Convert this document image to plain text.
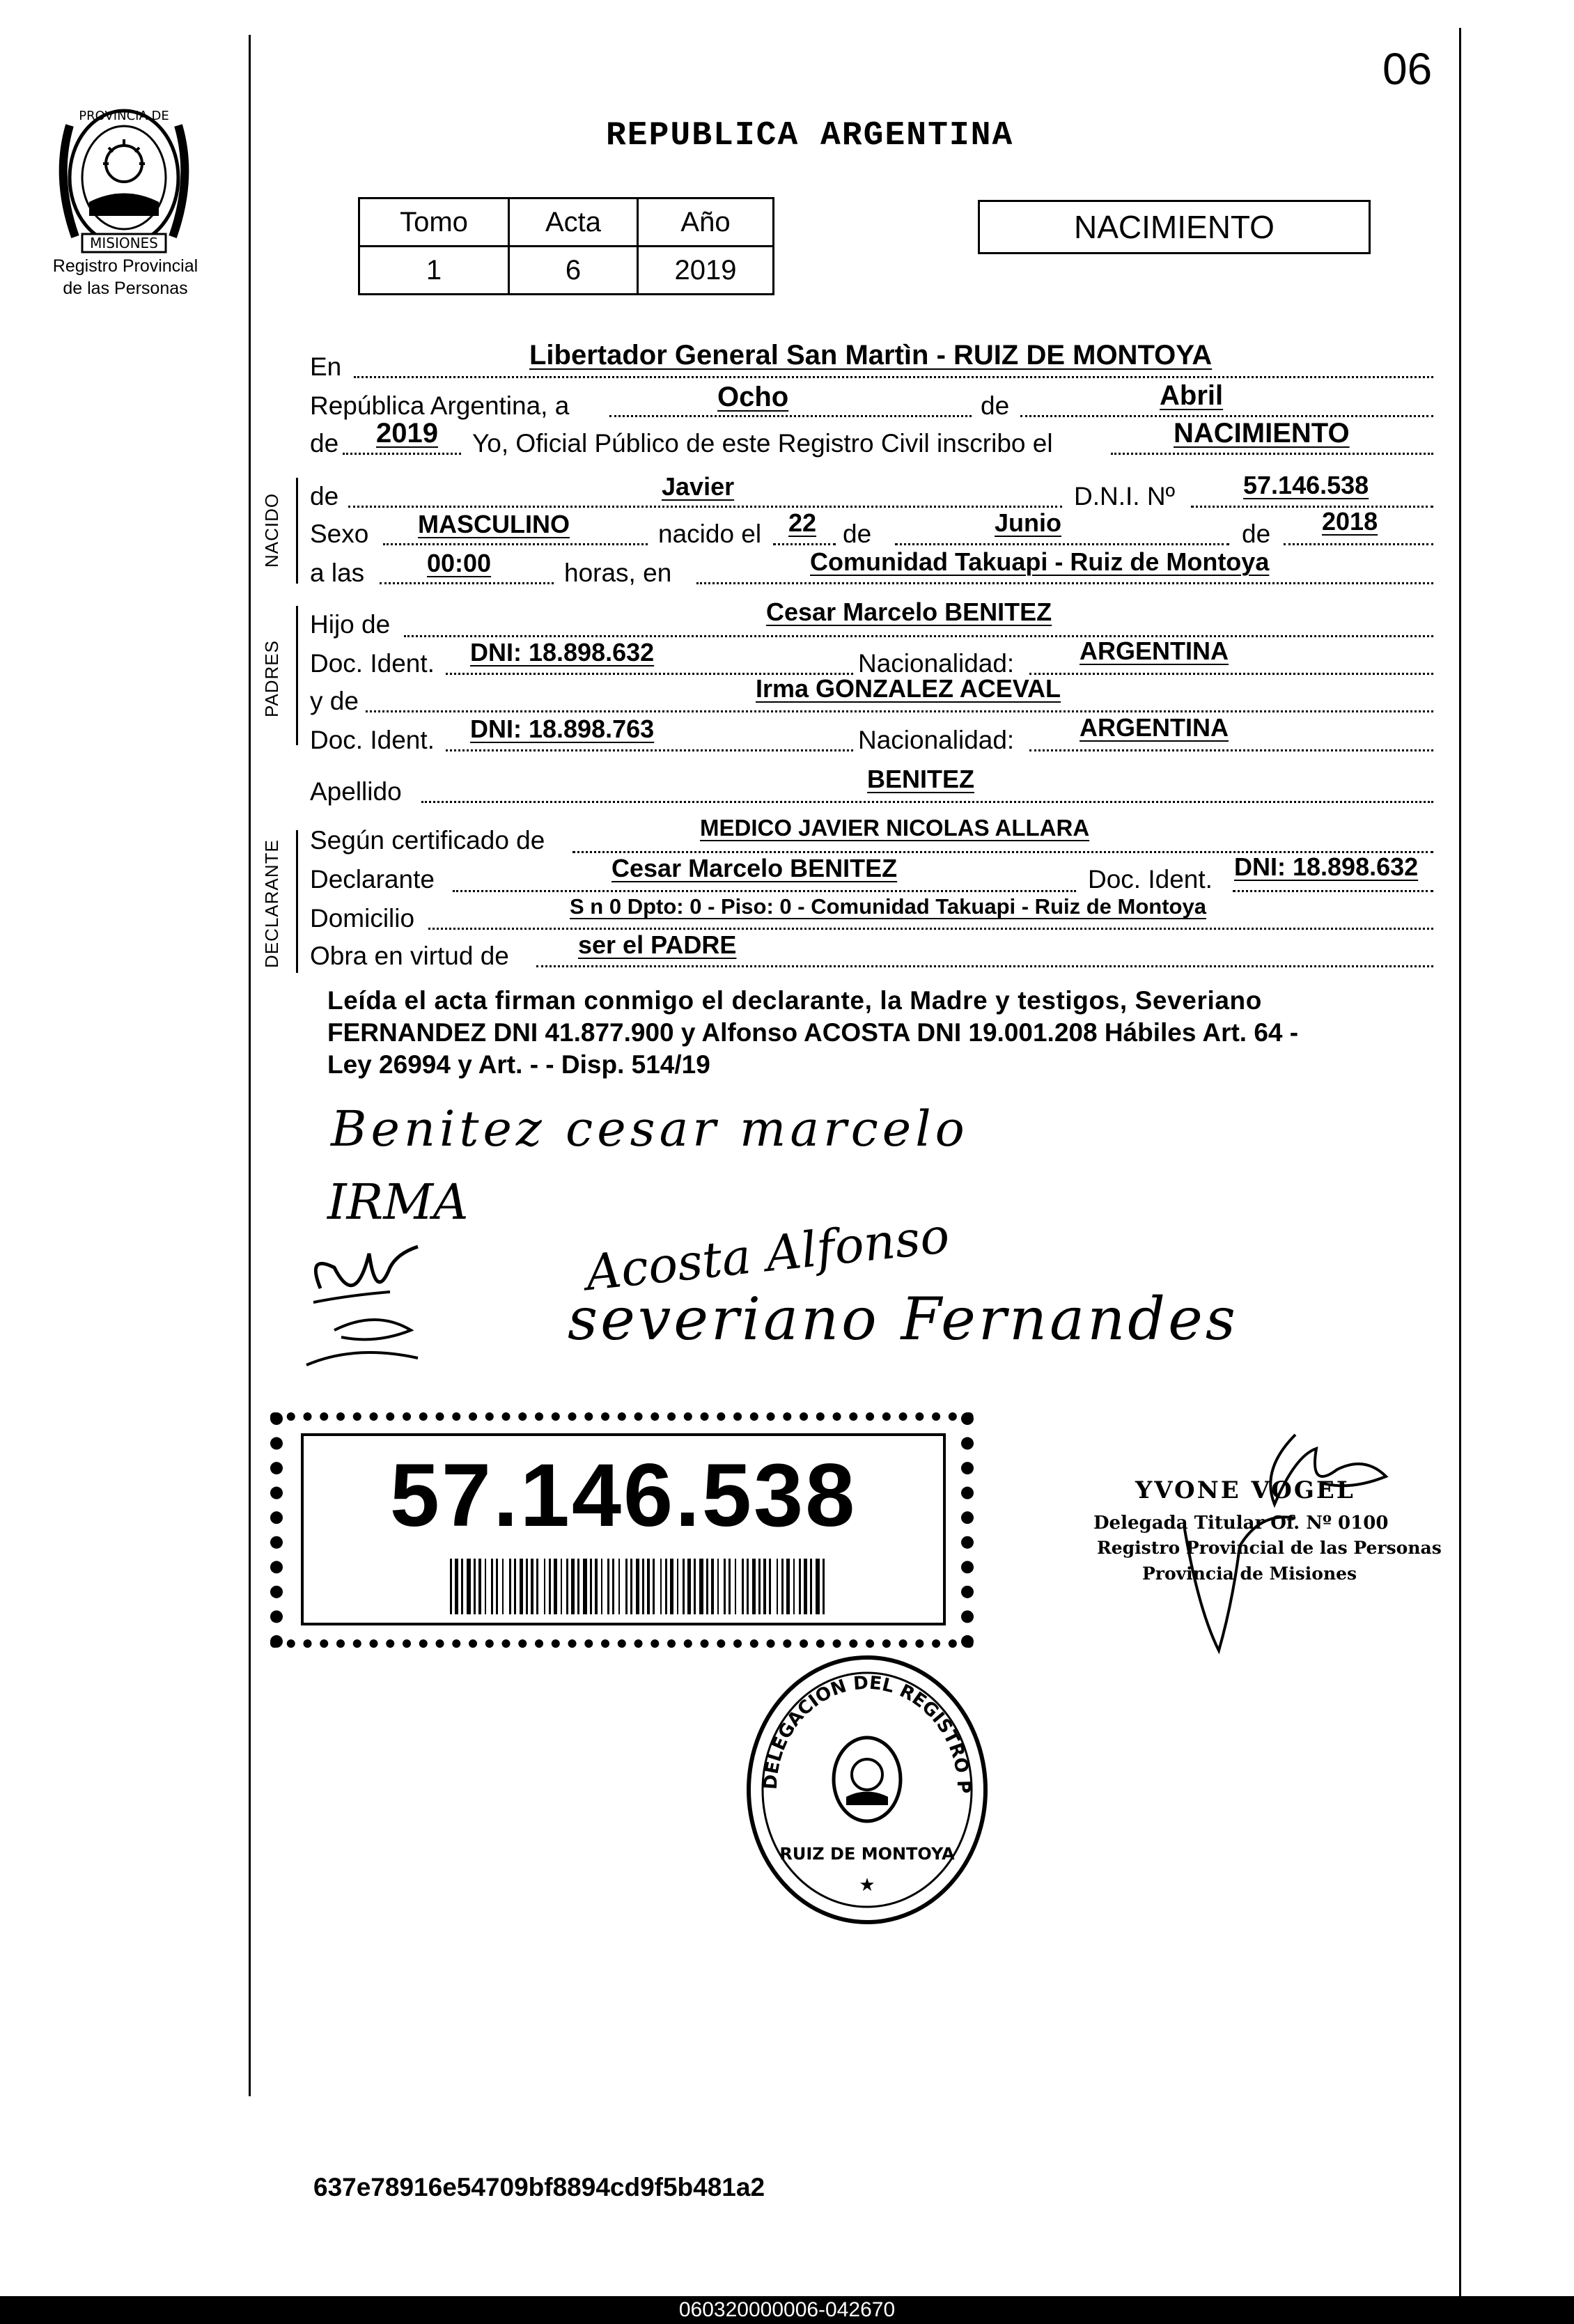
06
PROVINCIA DE
MISIONES
Registro Provincial
de las Personas
REPUBLICA ARGENTINA
Tomo	Acta	Año
1	6	2019
NACIMIENTO
En	Libertador General San Martìn - RUIZ DE MONTOYA
República Argentina, a	Ocho	de	Abril
de 2019 Yo, Oficial Público de este Registro Civil inscribo el	NACIMIENTO
NACIDO de	Javier	D.N.I. Nº	57.146.538
Sexo MASCULINO	nacido el 22 de	Junio	de 2018
a las 00:00	horas, en	Comunidad Takuapi - Ruiz de Montoya
PADRES
Hijo de	Cesar Marcelo BENITEZ
Doc. Ident. DNI: 18.898.632	Nacionalidad:	ARGENTINA
y de	Irma GONZALEZ ACEVAL
Doc. Ident. DNI: 18.898.763	Nacionalidad:	ARGENTINA
Apellido	BENITEZ
DECLARANTE Según certificado de	MEDICO JAVIER NICOLAS ALLARA
Declarante	Cesar Marcelo BENITEZ	Doc. Ident. DNI: 18.898.632
Domicilio	S n 0 Dpto: 0 - Piso: 0 - Comunidad Takuapi - Ruiz de Montoya
Obra en virtud de	ser el PADRE
Leída el acta firman conmigo el declarante, la Madre y testigos, Severiano
FERNANDEZ DNI 41.877.900 y Alfonso ACOSTA DNI 19.001.208 Hábiles Art. 64 -
Ley 26994 y Art. - - Disp. 514/19
Benitez cesar marcelo
IRMA
Acosta Alfonso
severiano Fernandes
57.146.538	YVONE VOGEL
Delegada Titular Of. Nº 0100
Registro Provincial de las Personas
Provincia de Misiones
DELEGACION DEL REGISTRO P
RUIZ DE MONTOYA
★
637e78916e54709bf8894cd9f5b481a2
060320000006-042670
